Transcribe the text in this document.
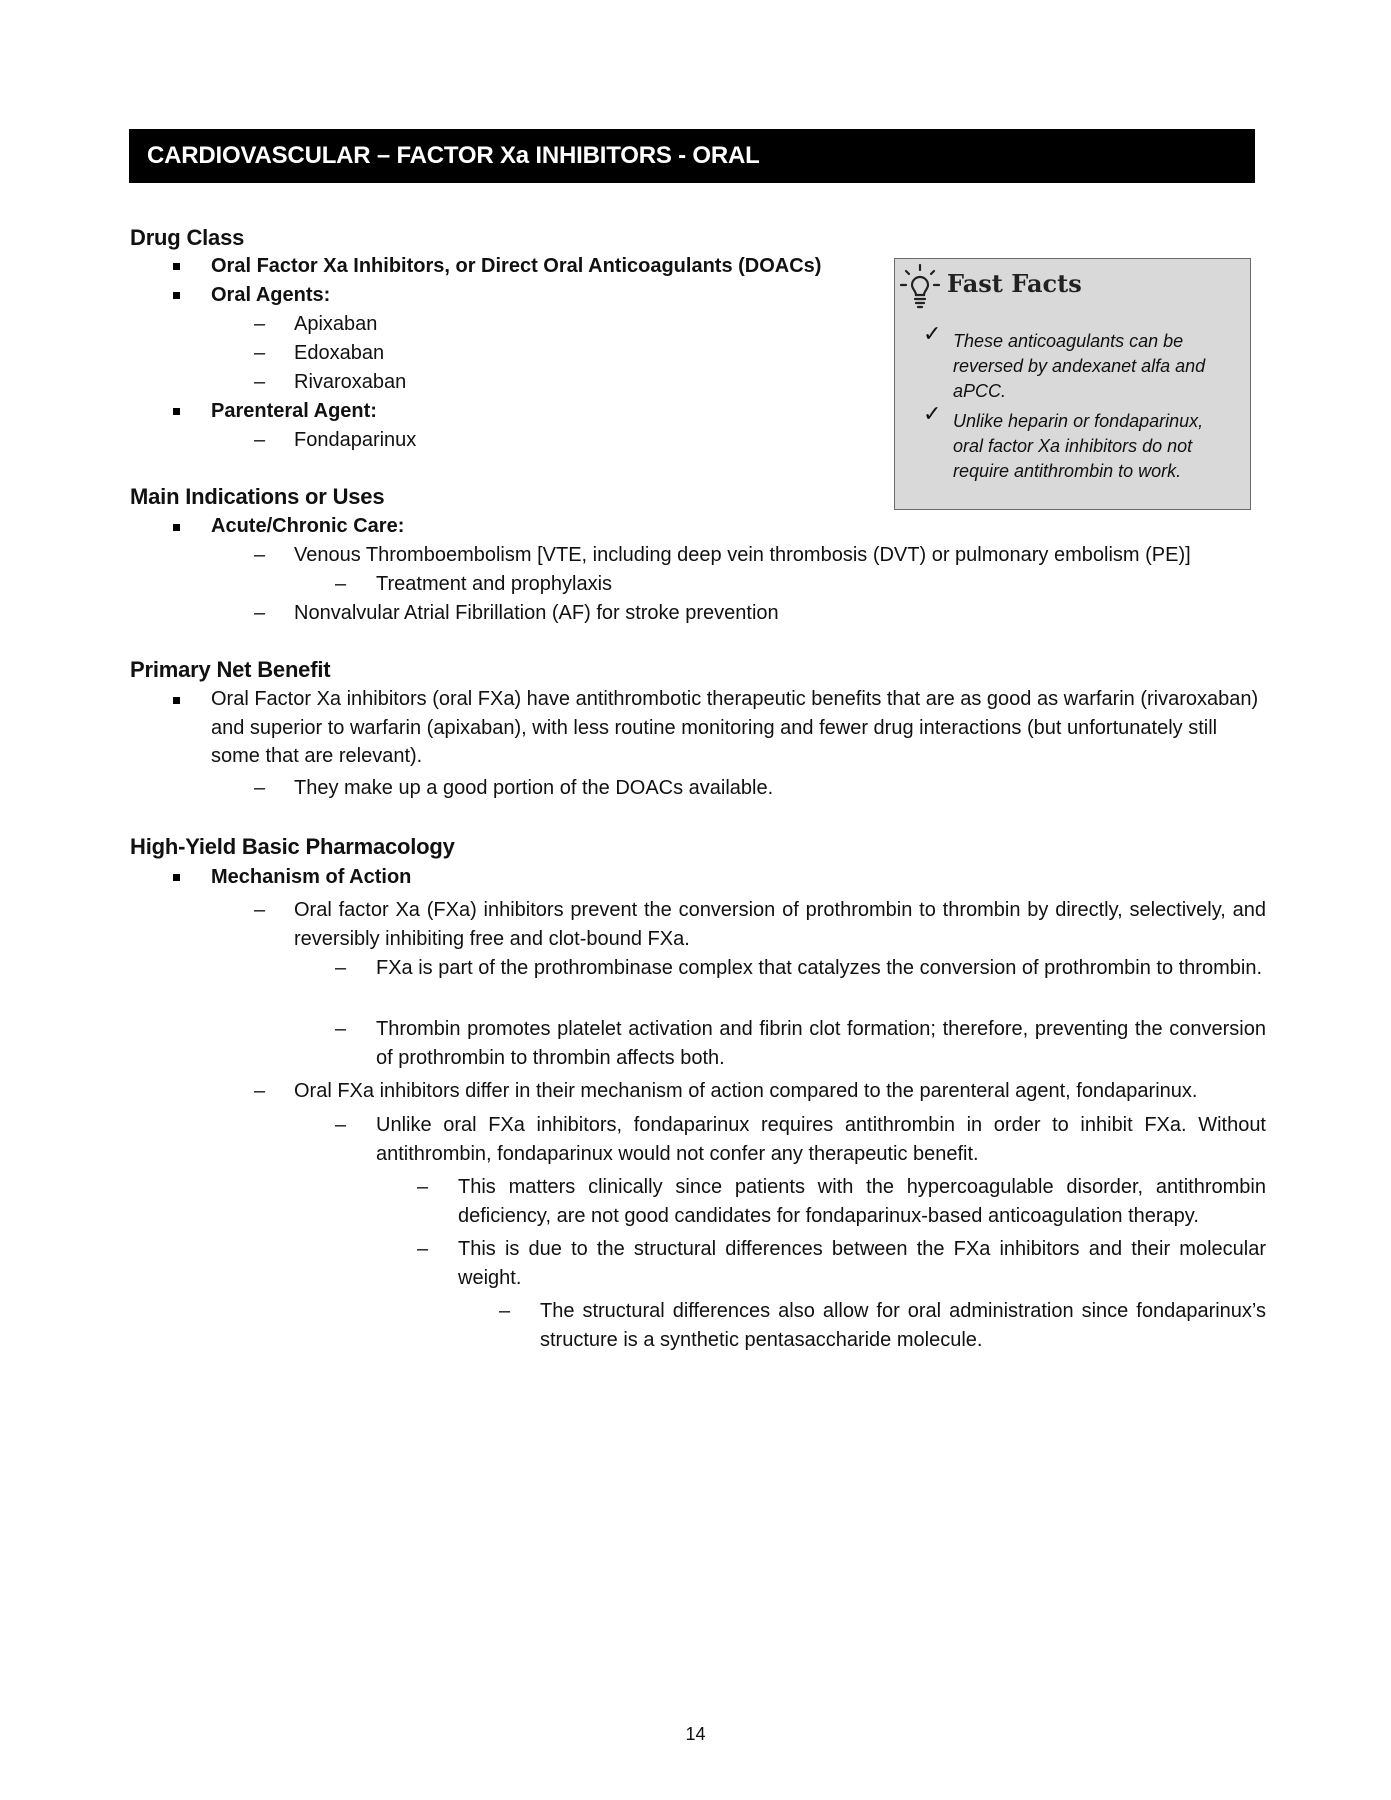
CARDIOVASCULAR – FACTOR Xa INHIBITORS - ORAL
Drug Class
Oral Factor Xa Inhibitors, or Direct Oral Anticoagulants (DOACs)
Oral Agents:
– Apixaban
– Edoxaban
– Rivaroxaban
Parenteral Agent:
– Fondaparinux
Fast Facts
✓ These anticoagulants can be reversed by andexanet alfa and aPCC.
✓ Unlike heparin or fondaparinux, oral factor Xa inhibitors do not require antithrombin to work.
Main Indications or Uses
Acute/Chronic Care:
– Venous Thromboembolism [VTE, including deep vein thrombosis (DVT) or pulmonary embolism (PE)]
– Treatment and prophylaxis
– Nonvalvular Atrial Fibrillation (AF) for stroke prevention
Primary Net Benefit
Oral Factor Xa inhibitors (oral FXa) have antithrombotic therapeutic benefits that are as good as warfarin (rivaroxaban) and superior to warfarin (apixaban), with less routine monitoring and fewer drug interactions (but unfortunately still some that are relevant).
– They make up a good portion of the DOACs available.
High-Yield Basic Pharmacology
Mechanism of Action
– Oral factor Xa (FXa) inhibitors prevent the conversion of prothrombin to thrombin by directly, selectively, and reversibly inhibiting free and clot-bound FXa.
– FXa is part of the prothrombinase complex that catalyzes the conversion of prothrombin to thrombin.
– Thrombin promotes platelet activation and fibrin clot formation; therefore, preventing the conversion of prothrombin to thrombin affects both.
– Oral FXa inhibitors differ in their mechanism of action compared to the parenteral agent, fondaparinux.
– Unlike oral FXa inhibitors, fondaparinux requires antithrombin in order to inhibit FXa. Without antithrombin, fondaparinux would not confer any therapeutic benefit.
– This matters clinically since patients with the hypercoagulable disorder, antithrombin deficiency, are not good candidates for fondaparinux-based anticoagulation therapy.
– This is due to the structural differences between the FXa inhibitors and their molecular weight.
– The structural differences also allow for oral administration since fondaparinux’s structure is a synthetic pentasaccharide molecule.
14
